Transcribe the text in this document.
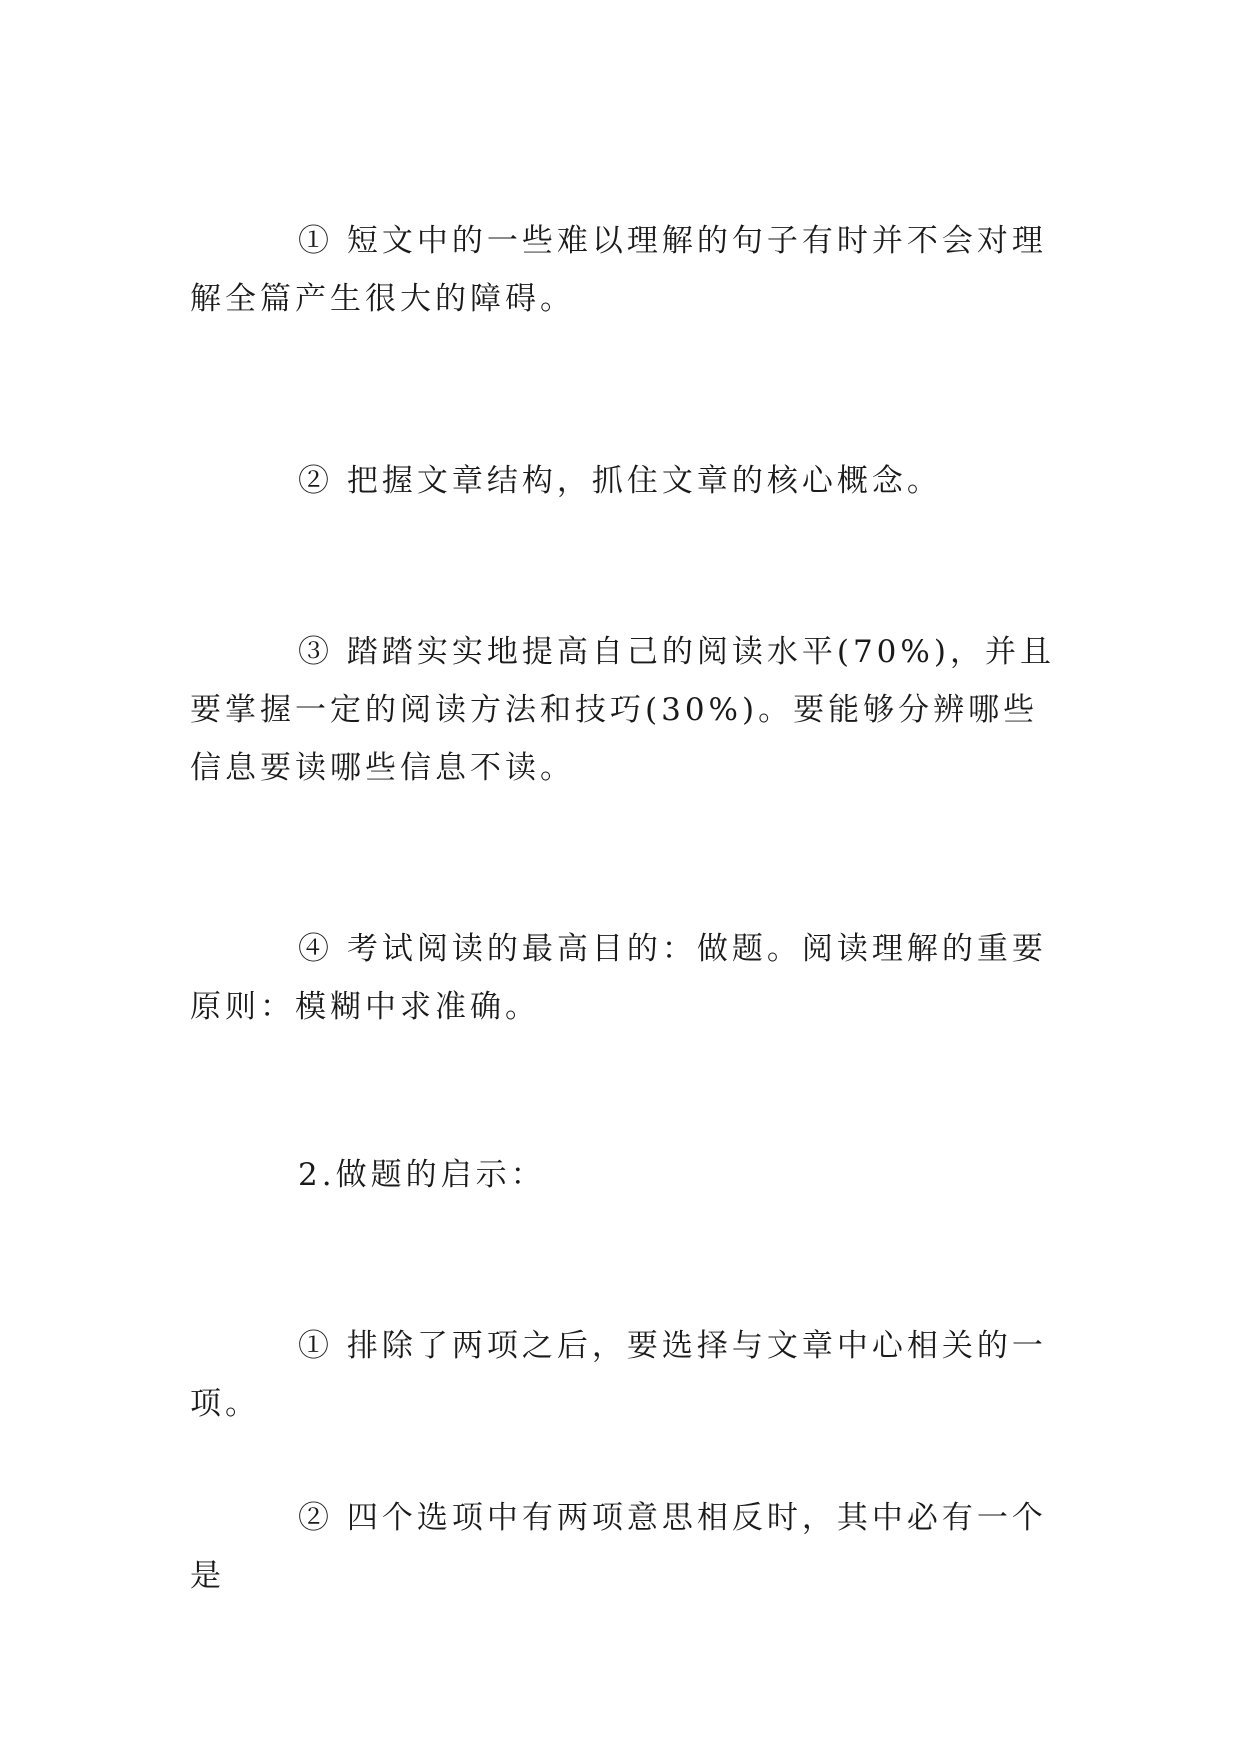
① 短文中的一些难以理解的句子有时并不会对理解全篇产生很大的障碍。

② 把握文章结构，抓住文章的核心概念。

③ 踏踏实实地提高自己的阅读水平(70%)，并且要掌握一定的阅读方法和技巧(30%)。要能够分辨哪些信息要读哪些信息不读。

④ 考试阅读的最高目的：做题。阅读理解的重要原则：模糊中求准确。

2.做题的启示：

① 排除了两项之后，要选择与文章中心相关的一项。

② 四个选项中有两项意思相反时，其中必有一个是
